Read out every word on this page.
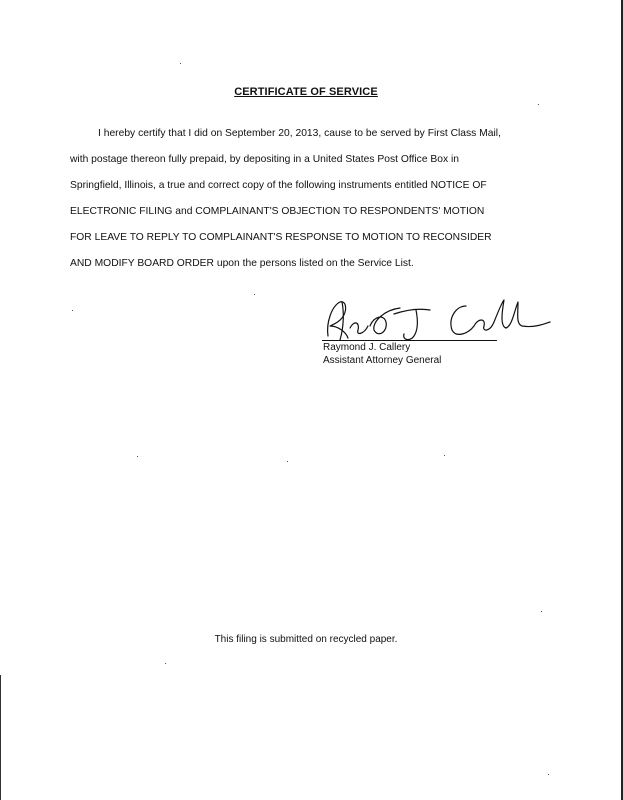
CERTIFICATE OF SERVICE

I hereby certify that I did on September 20, 2013, cause to be served by First Class Mail,
with postage thereon fully prepaid, by depositing in a United States Post Office Box in
Springfield, Illinois, a true and correct copy of the following instruments entitled NOTICE OF
ELECTRONIC FILING and COMPLAINANT'S OBJECTION TO RESPONDENTS' MOTION
FOR LEAVE TO REPLY TO COMPLAINANT'S RESPONSE TO MOTION TO RECONSIDER
AND MODIFY BOARD ORDER upon the persons listed on the Service List.

Raymond J. Callery
Assistant Attorney General
This filing is submitted on recycled paper.
